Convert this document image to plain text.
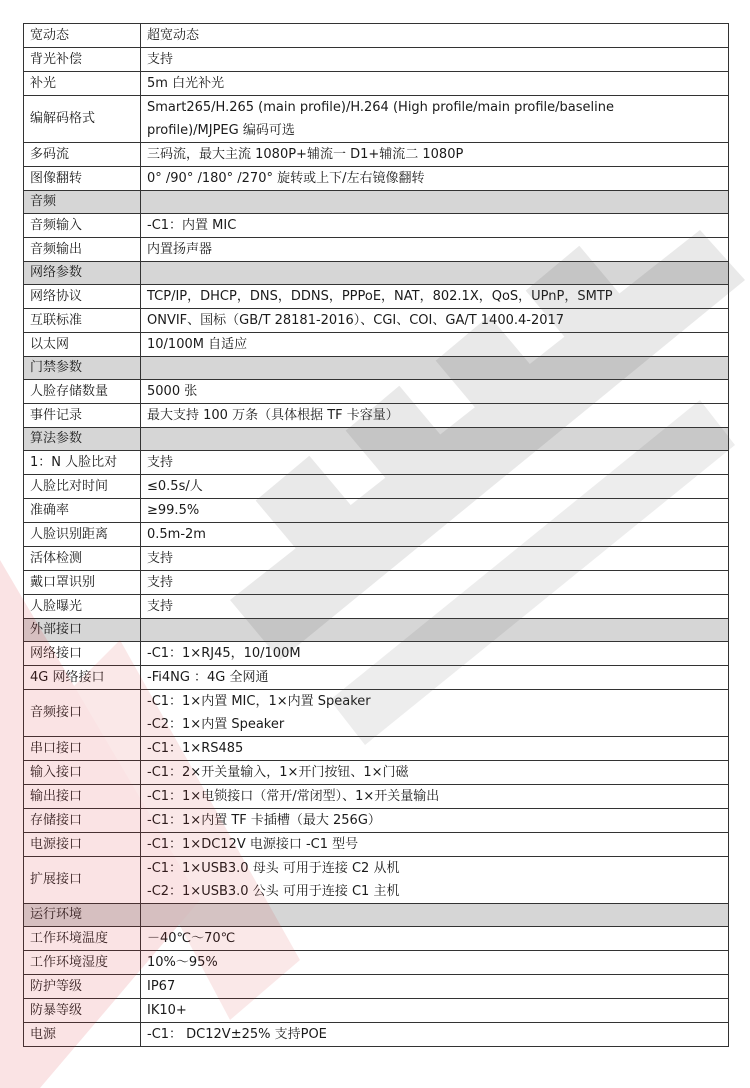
宽动态	超宽动态

背光补偿	支持

补光	5m 白光补光

编解码格式	Smart265/H.265 (main profile)/H.264 (High profile/main profile/baseline
profile)/MJPEG 编码可选

多码流	三码流，最大主流 1080P+辅流一 D1+辅流二 1080P

图像翻转	0° /90° /180° /270° 旋转或上下/左右镜像翻转

音频	
音频输入	-C1：内置 MIC

音频输出	内置扬声器

网络参数	
网络协议	TCP/IP，DHCP，DNS，DDNS，PPPoE，NAT，802.1X，QoS，UPnP，SMTP

互联标准	ONVIF、国标（GB/T 28181-2016）、CGI、COI、GA/T 1400.4-2017

以太网	10/100M 自适应

门禁参数	
人脸存储数量	5000 张

事件记录	最大支持 100 万条（具体根据 TF 卡容量）

算法参数	
1：N 人脸比对	支持

人脸比对时间	≤0.5s/人

准确率	≥99.5%

人脸识别距离	0.5m-2m

活体检测	支持

戴口罩识别	支持

人脸曝光	支持

外部接口	
网络接口	-C1：1×RJ45，10/100M

4G 网络接口	-Fi4NG ：4G 全网通

音频接口	-C1：1×内置 MIC，1×内置 Speaker
-C2：1×内置 Speaker

串口接口	-C1：1×RS485

输入接口	-C1：2×开关量输入，1×开门按钮、1×门磁

输出接口	-C1：1×电锁接口（常开/常闭型）、1×开关量输出

存储接口	-C1：1×内置 TF 卡插槽（最大 256G）

电源接口	-C1：1×DC12V 电源接口 -C1 型号

扩展接口	-C1：1×USB3.0 母头 可用于连接 C2 从机
-C2：1×USB3.0 公头 可用于连接 C1 主机

运行环境	
工作环境温度	－40℃～70℃

工作环境湿度	10%～95%

防护等级	IP67

防暴等级	IK10+

电源	-C1： DC12V±25% 支持POE
